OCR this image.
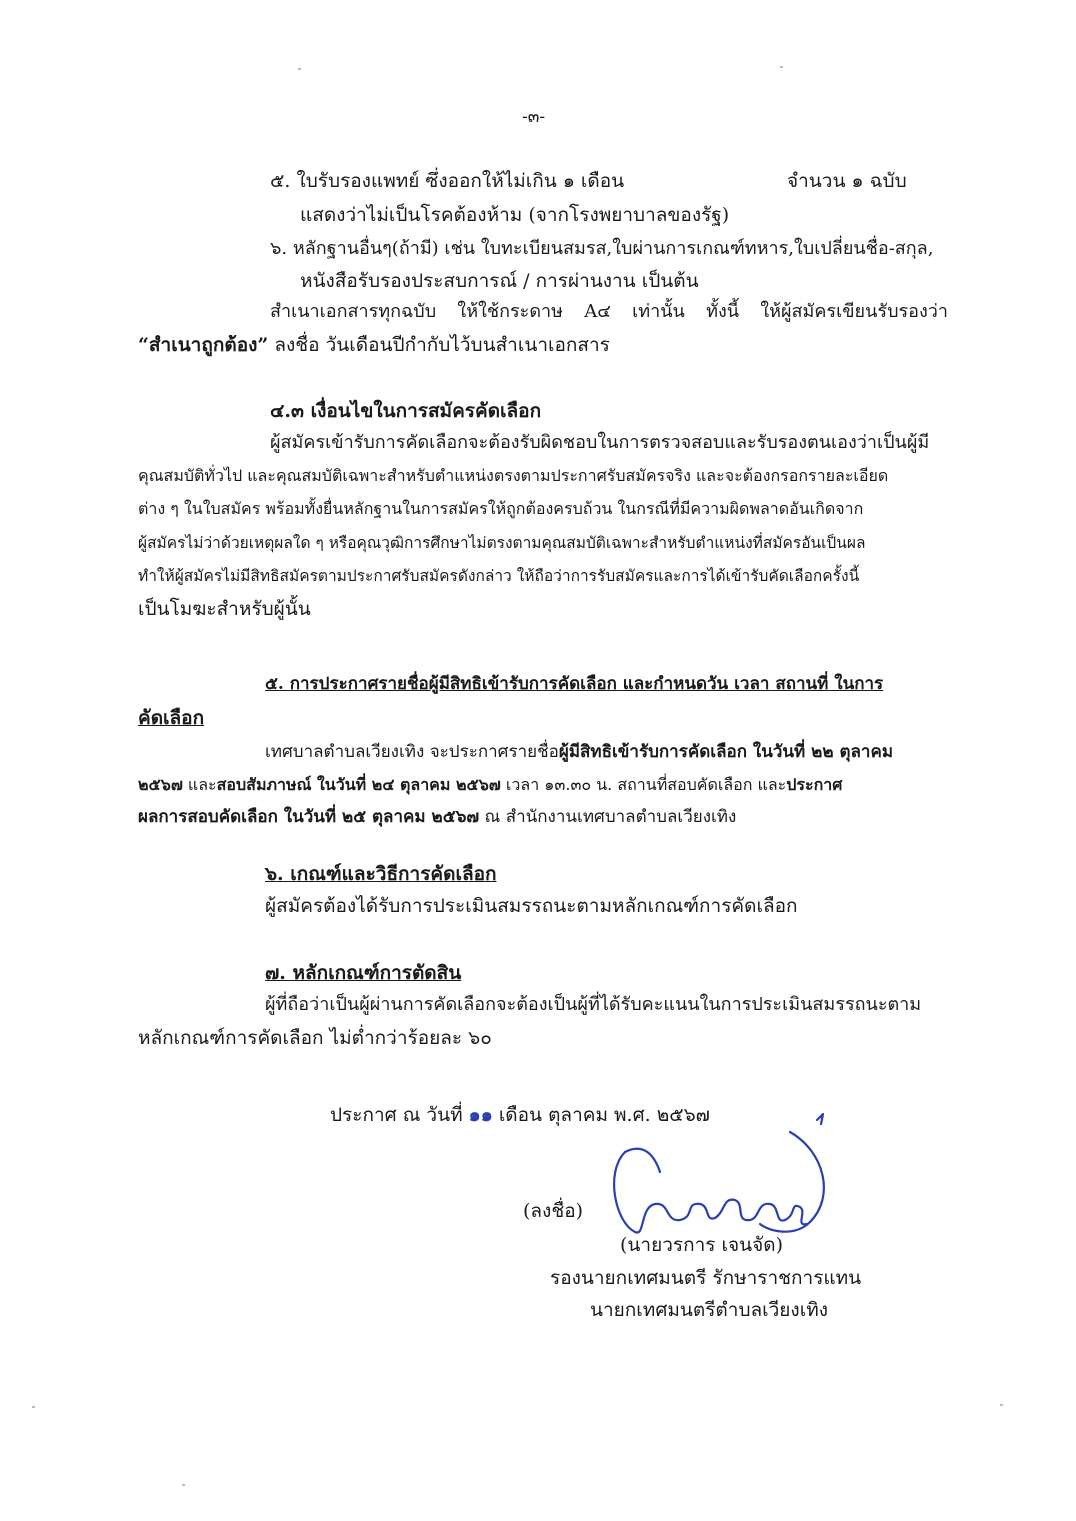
-๓-
๕. ใบรับรองแพทย์ ซึ่งออกให้ไม่เกิน ๑ เดือน	จำนวน ๑ ฉบับ
แสดงว่าไม่เป็นโรคต้องห้าม (จากโรงพยาบาลของรัฐ)
๖. หลักฐานอื่นๆ(ถ้ามี) เช่น ใบทะเบียนสมรส,ใบผ่านการเกณฑ์ทหาร,ใบเปลี่ยนชื่อ-สกุล,
หนังสือรับรองประสบการณ์ / การผ่านงาน เป็นต้น
สำเนาเอกสารทุกฉบับ ให้ใช้กระดาษ A๔ เท่านั้น ทั้งนี้ ให้ผู้สมัครเขียนรับรองว่า
“สำเนาถูกต้อง” ลงชื่อ วันเดือนปีกำกับไว้บนสำเนาเอกสาร
๔.๓ เงื่อนไขในการสมัครคัดเลือก
ผู้สมัครเข้ารับการคัดเลือกจะต้องรับผิดชอบในการตรวจสอบและรับรองตนเองว่าเป็นผู้มี
คุณสมบัติทั่วไป และคุณสมบัติเฉพาะสำหรับตำแหน่งตรงตามประกาศรับสมัครจริง และจะต้องกรอกรายละเอียด
ต่าง ๆ ในใบสมัคร พร้อมทั้งยื่นหลักฐานในการสมัครให้ถูกต้องครบถ้วน ในกรณีที่มีความผิดพลาดอันเกิดจาก
ผู้สมัครไม่ว่าด้วยเหตุผลใด ๆ หรือคุณวุฒิการศึกษาไม่ตรงตามคุณสมบัติเฉพาะสำหรับตำแหน่งที่สมัครอันเป็นผล
ทำให้ผู้สมัครไม่มีสิทธิสมัครตามประกาศรับสมัครดังกล่าว ให้ถือว่าการรับสมัครและการได้เข้ารับคัดเลือกครั้งนี้
เป็นโมฆะสำหรับผู้นั้น
๕. การประกาศรายชื่อผู้มีสิทธิเข้ารับการคัดเลือก และกำหนดวัน เวลา สถานที่ ในการ
คัดเลือก
เทศบาลตำบลเวียงเทิง จะประกาศรายชื่อผู้มีสิทธิเข้ารับการคัดเลือก ในวันที่ ๒๒ ตุลาคม
๒๕๖๗ และสอบสัมภาษณ์ ในวันที่ ๒๔ ตุลาคม ๒๕๖๗ เวลา ๑๓.๓๐ น. สถานที่สอบคัดเลือก และประกาศ
ผลการสอบคัดเลือก ในวันที่ ๒๕ ตุลาคม ๒๕๖๗ ณ สำนักงานเทศบาลตำบลเวียงเทิง
๖. เกณฑ์และวิธีการคัดเลือก
ผู้สมัครต้องได้รับการประเมินสมรรถนะตามหลักเกณฑ์การคัดเลือก
๗. หลักเกณฑ์การตัดสิน
ผู้ที่ถือว่าเป็นผู้ผ่านการคัดเลือกจะต้องเป็นผู้ที่ได้รับคะแนนในการประเมินสมรรถนะตาม
หลักเกณฑ์การคัดเลือก ไม่ต่ำกว่าร้อยละ ๖๐
ประกาศ ณ วันที่ ๑๑ เดือน ตุลาคม พ.ศ. ๒๕๖๗
(ลงชื่อ)
(นายวรการ เจนจัด)
รองนายกเทศมนตรี รักษาราชการแทน
นายกเทศมนตรีตำบลเวียงเทิง
